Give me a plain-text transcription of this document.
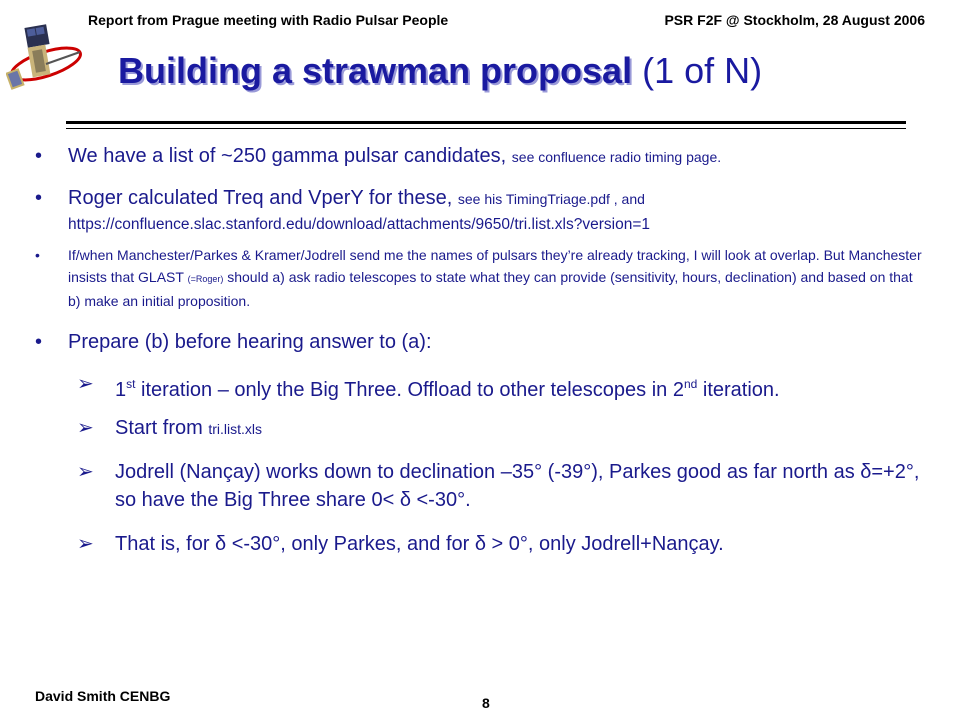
Report from Prague meeting with Radio Pulsar People	PSR F2F @ Stockholm, 28 August 2006
Building a strawman proposal (1 of N)
• We have a list of ~250 gamma pulsar candidates, see confluence radio timing page.
• Roger calculated Treq and VperY for these, see his TimingTriage.pdf , and
https://confluence.slac.stanford.edu/download/attachments/9650/tri.list.xls?version=1
• If/when Manchester/Parkes & Kramer/Jodrell send me the names of pulsars they’re already tracking, I will look at overlap. But Manchester insists that GLAST (=Roger) should a) ask radio telescopes to state what they can provide (sensitivity, hours, declination) and based on that b) make an initial proposition.
• Prepare (b) before hearing answer to (a):
➢ 1st iteration – only the Big Three. Offload to other telescopes in 2nd iteration.
➢ Start from tri.list.xls
➢ Jodrell (Nançay) works down to declination –35° (-39°), Parkes good as far north as δ=+2°, so have the Big Three share 0< δ <-30°.
➢ That is, for δ <-30°, only Parkes, and for δ > 0°, only Jodrell+Nançay.
David Smith CENBG	8
